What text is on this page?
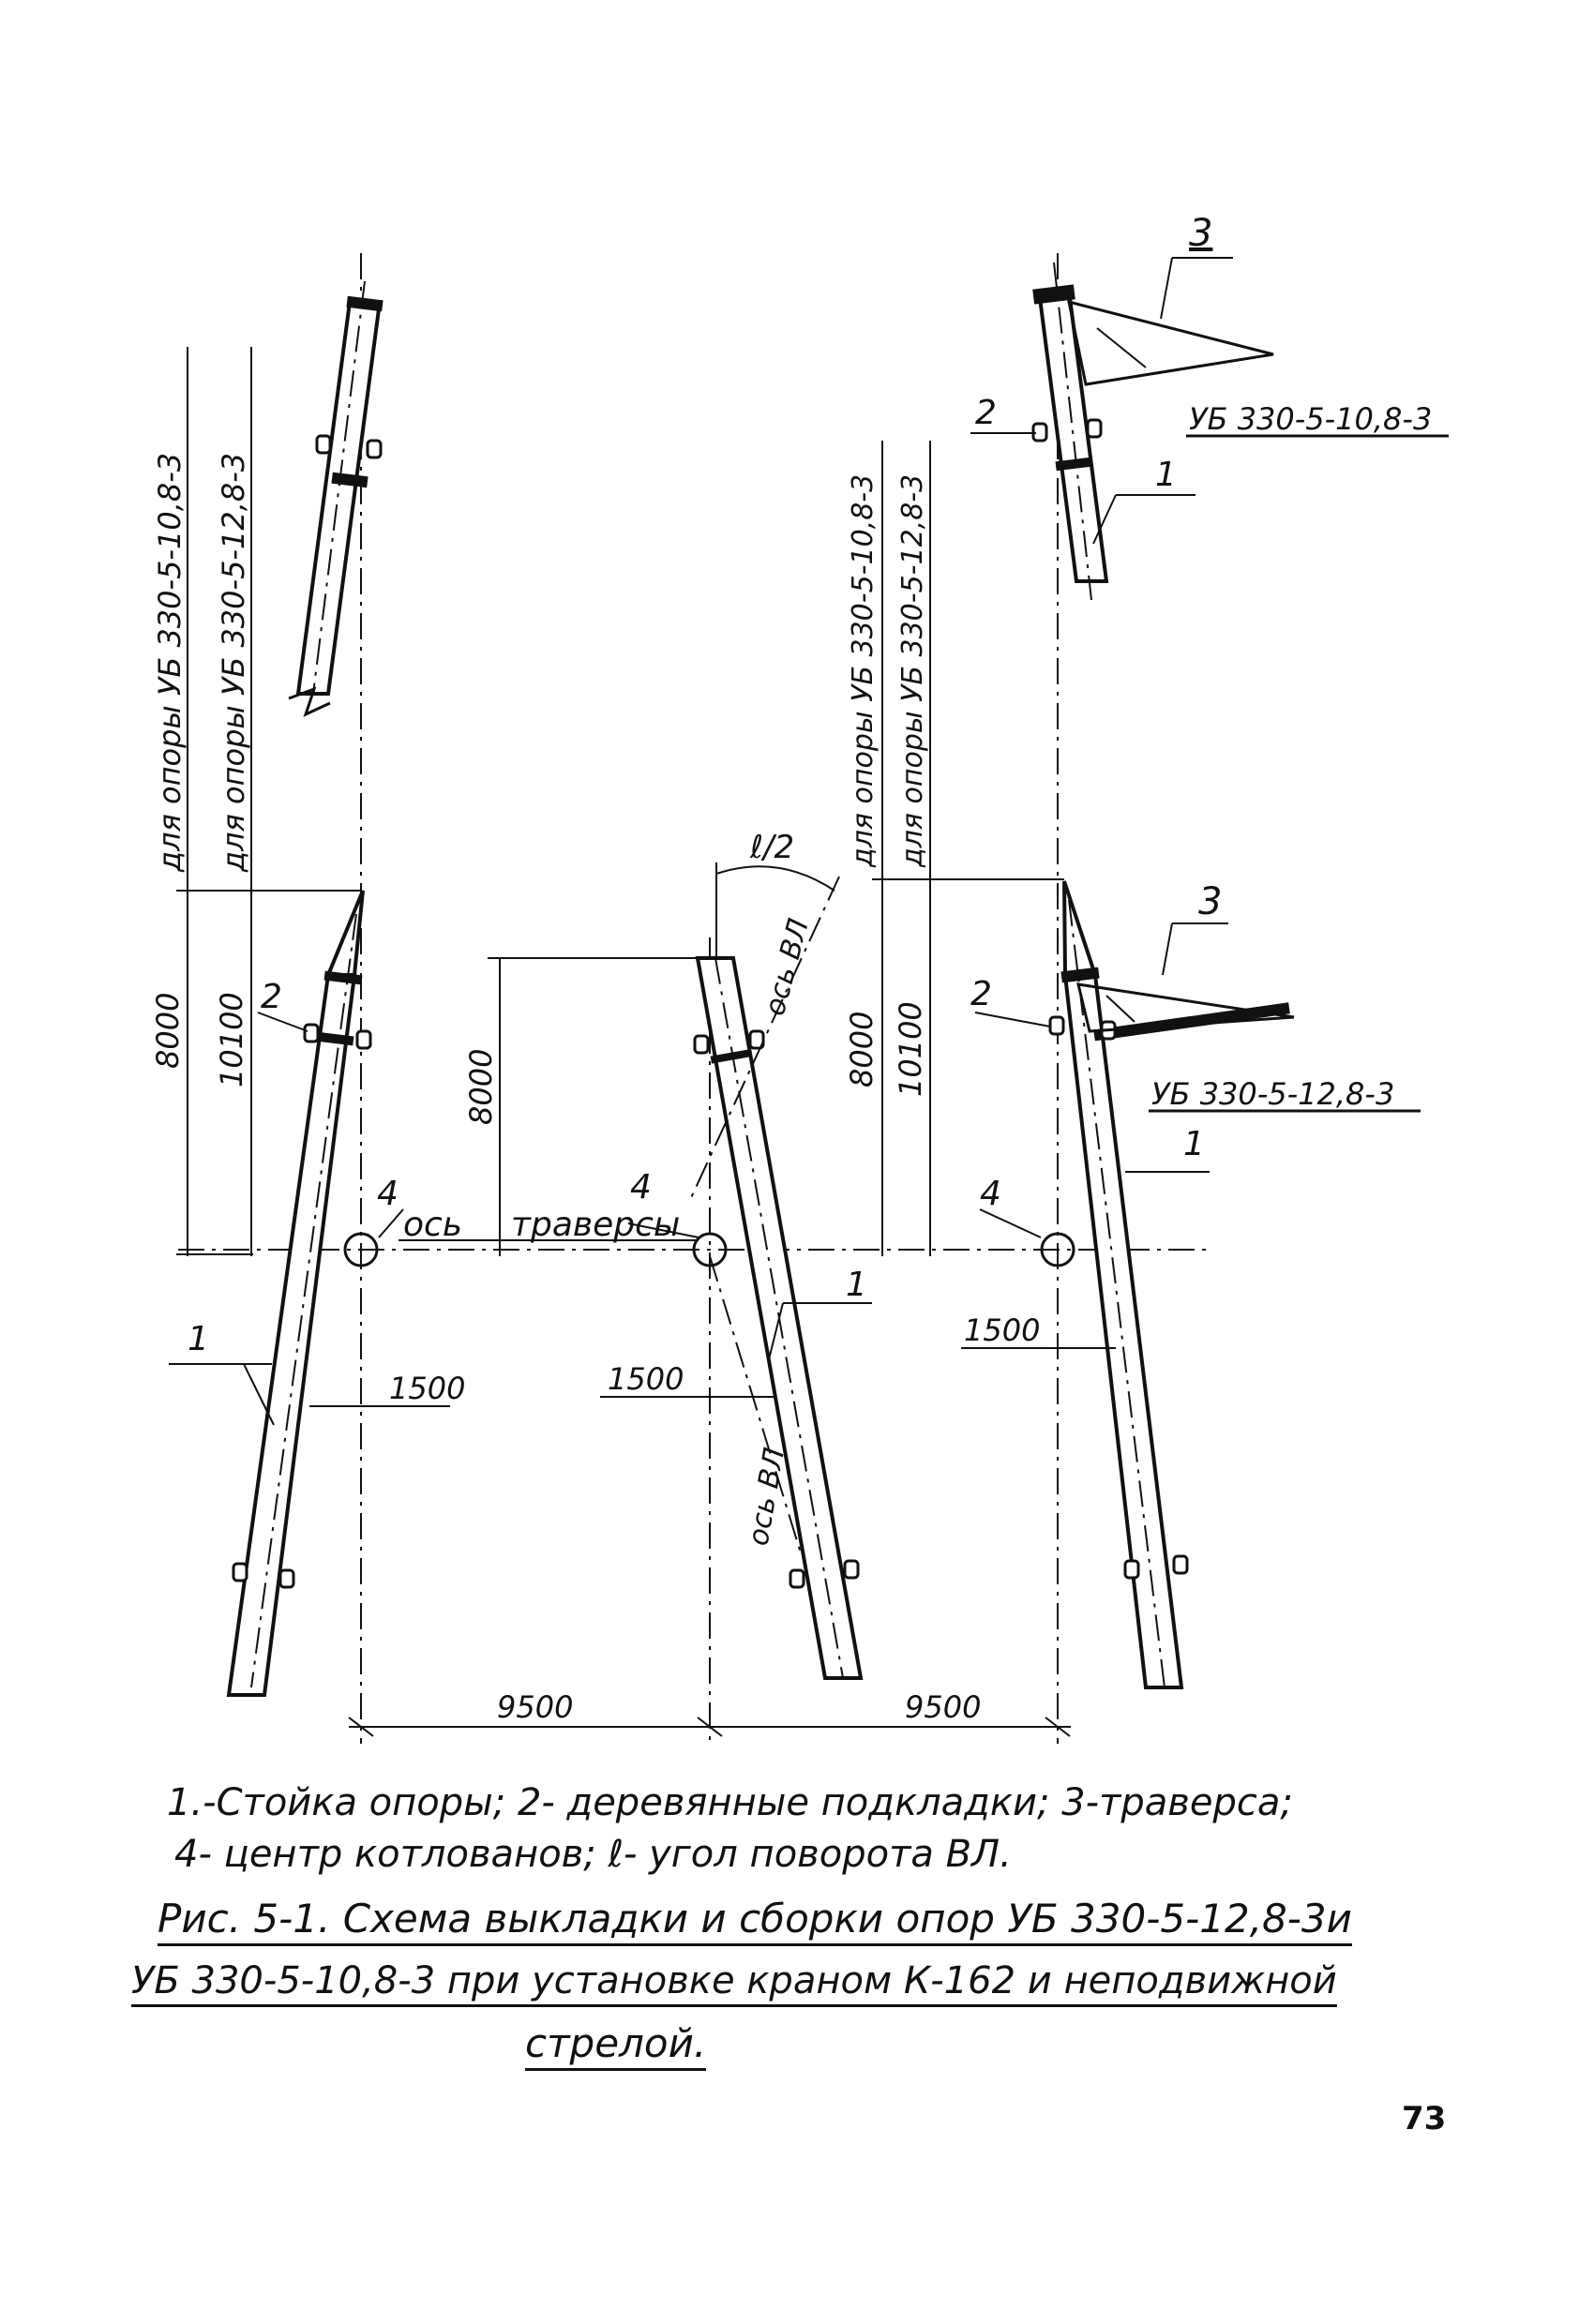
3
2	УБ 330-5-10,8-3
1
3
2
УБ 330-5-12,8-3
1
4
1500
2
4
ось траверсы
4
1
1
1500	1500
9500	9500
ℓ/2
8000 10100	8000	8000 10100
ось ВЛ
ось ВЛ
для опоры УБ 330-5-10,8-3 для опоры УБ 330-5-12,8-3	для опоры УБ 330-5-10,8-3 для опоры УБ 330-5-12,8-3
1.-Стойка опоры; 2- деревянные подкладки; 3-траверса;
4- центр котлованов; ℓ- угол поворота ВЛ.
Рис. 5-1. Схема выкладки и сборки опор УБ 330-5-12,8-3и
УБ 330-5-10,8-3 при установке краном К-162 и неподвижной
стрелой.
73
